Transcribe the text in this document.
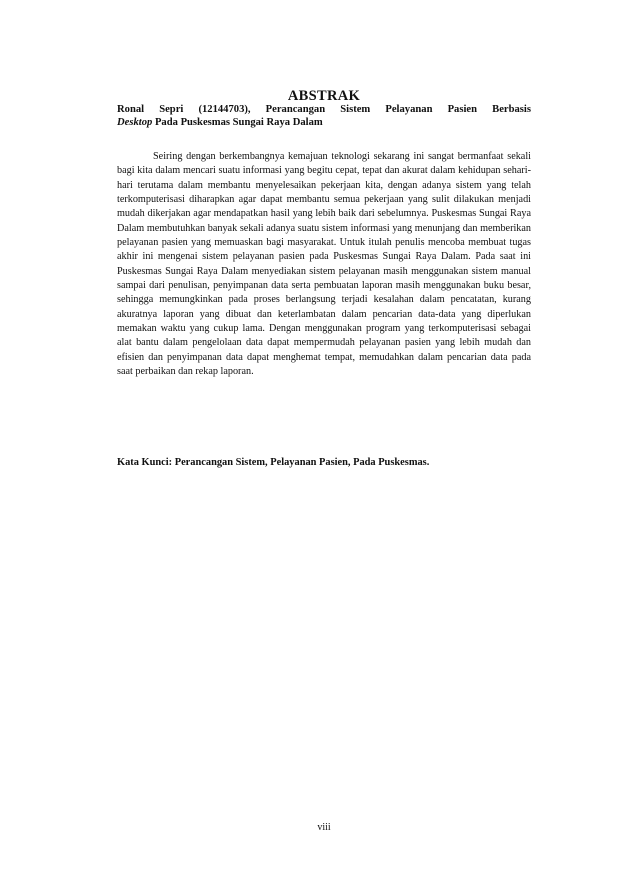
ABSTRAK
Ronal Sepri (12144703), Perancangan Sistem Pelayanan Pasien Berbasis
Desktop Pada Puskesmas Sungai Raya Dalam

Seiring dengan berkembangnya kemajuan teknologi sekarang ini sangat bermanfaat sekali bagi kita dalam mencari suatu informasi yang begitu cepat, tepat dan akurat dalam kehidupan sehari-hari terutama dalam membantu menyelesaikan pekerjaan kita, dengan adanya sistem yang telah terkomputerisasi diharapkan agar dapat membantu semua pekerjaan yang sulit dilakukan menjadi mudah dikerjakan agar mendapatkan hasil yang lebih baik dari sebelumnya. Puskesmas Sungai Raya Dalam membutuhkan banyak sekali adanya suatu sistem informasi yang menunjang dan memberikan pelayanan pasien yang memuaskan bagi masyarakat. Untuk itulah penulis mencoba membuat tugas akhir ini mengenai sistem pelayanan pasien pada Puskesmas Sungai Raya Dalam. Pada saat ini Puskesmas Sungai Raya Dalam menyediakan sistem pelayanan masih menggunakan sistem manual sampai dari penulisan, penyimpanan data serta pembuatan laporan masih menggunakan buku besar, sehingga memungkinkan pada proses berlangsung terjadi kesalahan dalam pencatatan, kurang akuratnya laporan yang dibuat dan keterlambatan dalam pencarian data-data yang diperlukan memakan waktu yang cukup lama. Dengan menggunakan program yang terkomputerisasi sebagai alat bantu dalam pengelolaan data dapat mempermudah pelayanan pasien yang lebih mudah dan efisien dan penyimpanan data dapat menghemat tempat, memudahkan dalam pencarian data pada saat perbaikan dan rekap laporan.

Kata Kunci: Perancangan Sistem, Pelayanan Pasien, Pada Puskesmas.
viii
